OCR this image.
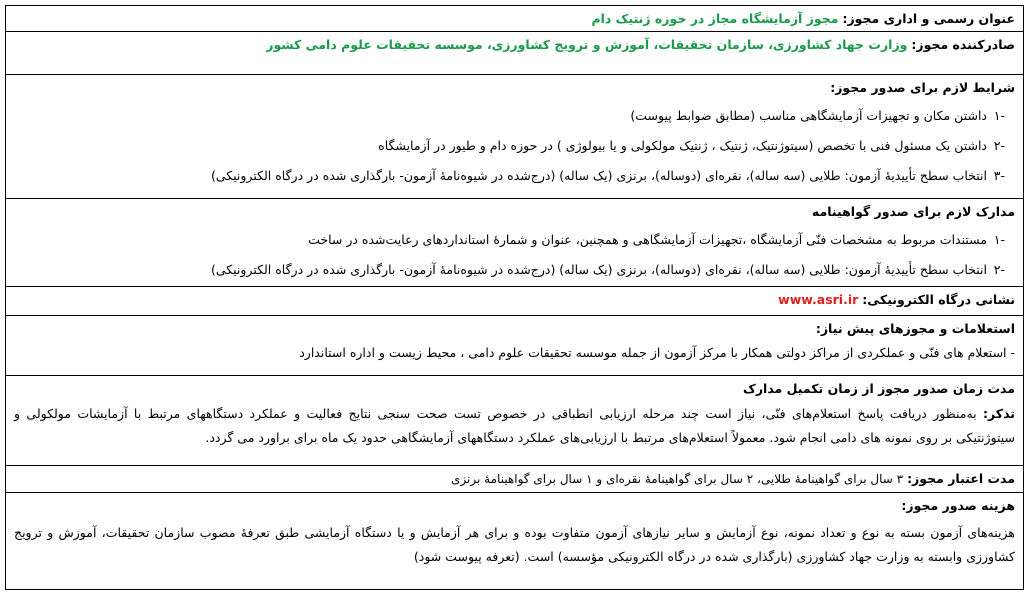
عنوان رسمی و اداری مجوز: مجوز آزمایشگاه مجاز در حوزه ژنتیک دام
صادرکننده مجوز: وزارت جهاد کشاورزی، سازمان تحقیقات، آموزش و ترویج کشاورزی، موسسه تحقیقات علوم دامی کشور
شرایط لازم برای صدور مجوز:
-۱
داشتن مکان و تجهیزات آزمایشگاهی مناسب (مطابق ضوابط پیوست)
-۲
داشتن یک مسئول فنی با تخصص (سیتوژنتیک، ژنتیک ، ژنتیک مولکولی و یا بیولوژی ) در حوزه دام و طیور در آزمایشگاه
-۳
انتخاب سطح تأییدیهٔ آزمون: طلایی (سه ساله)، نقره‌ای (دوساله)، برنزی (یک ساله) (درج‌شده در شیوه‌نامهٔ آزمون- بارگذاری شده در درگاه الکترونیکی)
مدارک لازم برای صدور گواهینامه
-۱
مستندات مربوط به مشخصات فنّی آزمایشگاه ،تجهیزات آزمایشگاهی و همچنین، عنوان و شمارهٔ استانداردهای رعایت‌شده در ساخت
-۲
انتخاب سطح تأییدیهٔ آزمون: طلایی (سه ساله)، نقره‌ای (دوساله)، برنزی (یک ساله) (درج‌شده در شیوه‌نامهٔ آزمون- بارگذاری شده در درگاه الکترونیکی)
نشانی درگاه الکترونیکی: www.asri.ir
استعلامات و مجوزهای پیش نیاز:
- استعلام های فنّی و عملکردی از مراکز دولتی همکار با مرکز آزمون از جمله موسسه تحقیقات علوم دامی ، محیط زیست و اداره استاندارد
مدت زمان صدور مجوز از زمان تکمیل مدارک
تذکر: به‌منظور دریافت پاسخ استعلام‌های فنّی، نیاز است چند مرحله ارزیابی انطباقی در خصوص تست صحت سنجی نتایج فعالیت و عملکرد دستگاههای مرتبط با آزمایشات مولکولی و سیتوژنتیکی بر روی نمونه های دامی انجام شود. معمولاً استعلام‌های مرتبط با ارزیابی‌های عملکرد دستگاههای آزمایشگاهی حدود یک ماه برای براورد می گردد.
مدت اعتبار مجوز: ۳ سال برای گواهینامهٔ طلایی، ۲ سال برای گواهینامهٔ نقره‌ای و ۱ سال برای گواهینامهٔ برنزی
هزینه صدور مجوز:
هزینه‌های آزمون بسته به نوع و تعداد نمونه، نوع آزمایش و سایر نیازهای آزمون متفاوت بوده و برای هر آزمایش و یا دستگاه آزمایشی طبق تعرفهٔ مصوب سازمان تحقیقات، آموزش و ترویج کشاورزی وابسته به وزارت جهاد کشاورزی (بارگذاری شده در درگاه الکترونیکی مؤسسه) است. (تعرفه پیوست شود)
